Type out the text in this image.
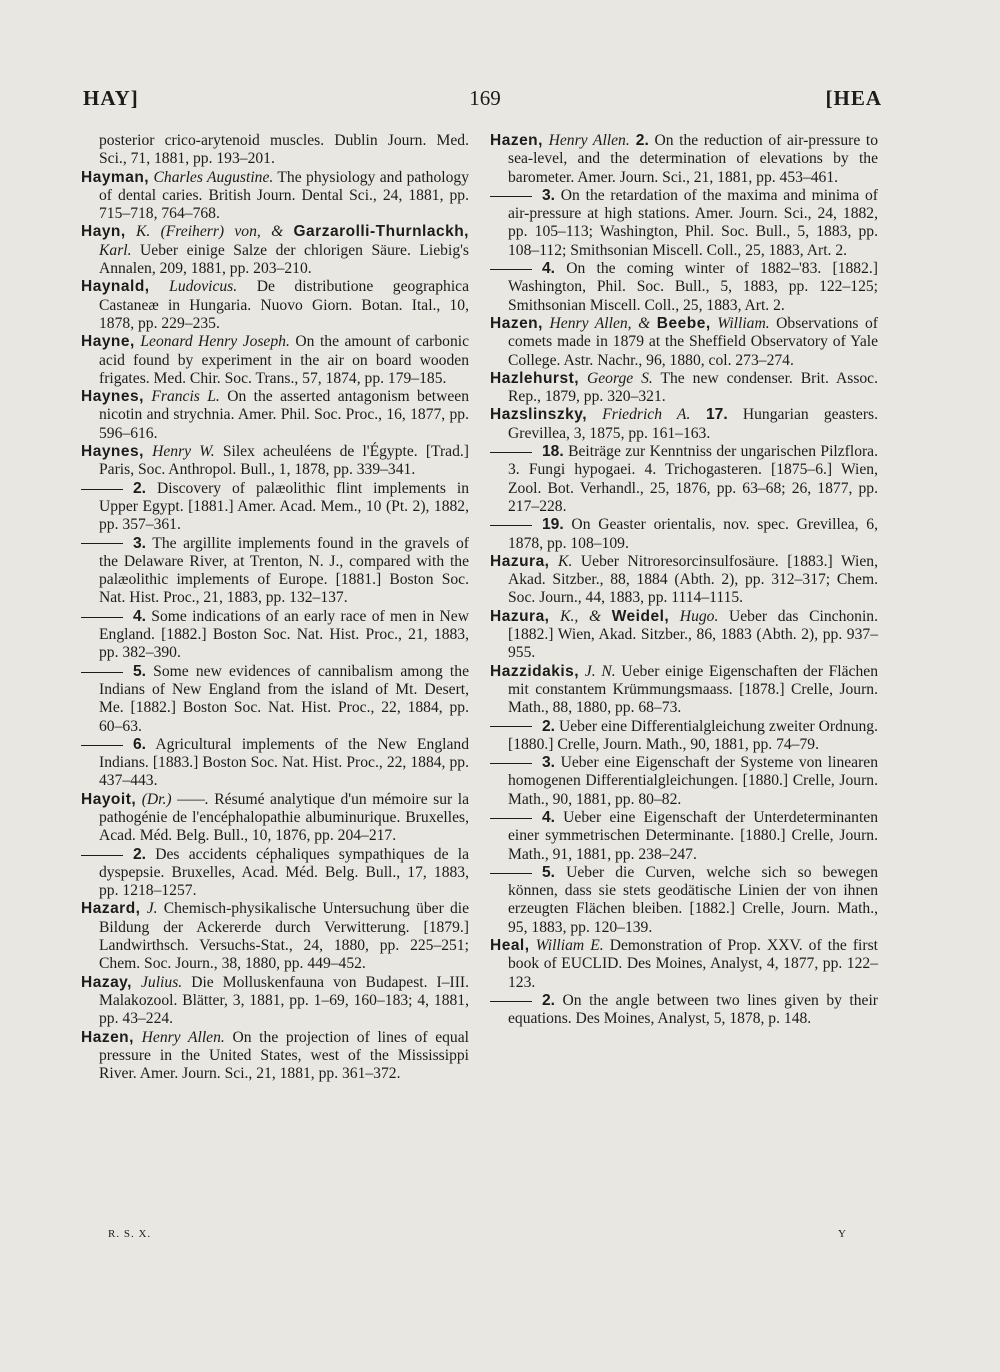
HAY]	169	[HEA
posterior crico-arytenoid muscles. Dublin Journ. Med. Sci., 71, 1881, pp. 193–201.
Hayman, Charles Augustine. The physiology and pathology of dental caries. British Journ. Dental Sci., 24, 1881, pp. 715–718, 764–768.
Hayn, K. (Freiherr) von, & Garzarolli-Thurnlackh, Karl. Ueber einige Salze der chlorigen Säure. Liebig's Annalen, 209, 1881, pp. 203–210.
Haynald, Ludovicus. De distributione geographica Castaneæ in Hungaria. Nuovo Giorn. Botan. Ital., 10, 1878, pp. 229–235.
Hayne, Leonard Henry Joseph. On the amount of carbonic acid found by experiment in the air on board wooden frigates. Med. Chir. Soc. Trans., 57, 1874, pp. 179–185.
Haynes, Francis L. On the asserted antagonism between nicotin and strychnia. Amer. Phil. Soc. Proc., 16, 1877, pp. 596–616.
Haynes, Henry W. Silex acheuléens de l'Égypte. [Trad.] Paris, Soc. Anthropol. Bull., 1, 1878, pp. 339–341.
2. Discovery of palæolithic flint implements in Upper Egypt. [1881.] Amer. Acad. Mem., 10 (Pt. 2), 1882, pp. 357–361.
3. The argillite implements found in the gravels of the Delaware River, at Trenton, N. J., compared with the palæolithic implements of Europe. [1881.] Boston Soc. Nat. Hist. Proc., 21, 1883, pp. 132–137.
4. Some indications of an early race of men in New England. [1882.] Boston Soc. Nat. Hist. Proc., 21, 1883, pp. 382–390.
5. Some new evidences of cannibalism among the Indians of New England from the island of Mt. Desert, Me. [1882.] Boston Soc. Nat. Hist. Proc., 22, 1884, pp. 60–63.
6. Agricultural implements of the New England Indians. [1883.] Boston Soc. Nat. Hist. Proc., 22, 1884, pp. 437–443.
Hayoit, (Dr.) ——. Résumé analytique d'un mémoire sur la pathogénie de l'encéphalopathie albuminurique. Bruxelles, Acad. Méd. Belg. Bull., 10, 1876, pp. 204–217.
2. Des accidents céphaliques sympathiques de la dyspepsie. Bruxelles, Acad. Méd. Belg. Bull., 17, 1883, pp. 1218–1257.
Hazard, J. Chemisch-physikalische Untersuchung über die Bildung der Ackererde durch Verwitterung. [1879.] Landwirthsch. Versuchs-Stat., 24, 1880, pp. 225–251; Chem. Soc. Journ., 38, 1880, pp. 449–452.
Hazay, Julius. Die Molluskenfauna von Budapest. I–III. Malakozool. Blätter, 3, 1881, pp. 1–69, 160–183; 4, 1881, pp. 43–224.
Hazen, Henry Allen. On the projection of lines of equal pressure in the United States, west of the Mississippi River. Amer. Journ. Sci., 21, 1881, pp. 361–372.
Hazen, Henry Allen. 2. On the reduction of air-pressure to sea-level, and the determination of elevations by the barometer. Amer. Journ. Sci., 21, 1881, pp. 453–461.
3. On the retardation of the maxima and minima of air-pressure at high stations. Amer. Journ. Sci., 24, 1882, pp. 105–113; Washington, Phil. Soc. Bull., 5, 1883, pp. 108–112; Smithsonian Miscell. Coll., 25, 1883, Art. 2.
4. On the coming winter of 1882–'83. [1882.] Washington, Phil. Soc. Bull., 5, 1883, pp. 122–125; Smithsonian Miscell. Coll., 25, 1883, Art. 2.
Hazen, Henry Allen, & Beebe, William. Observations of comets made in 1879 at the Sheffield Observatory of Yale College. Astr. Nachr., 96, 1880, col. 273–274.
Hazlehurst, George S. The new condenser. Brit. Assoc. Rep., 1879, pp. 320–321.
Hazslinszky, Friedrich A. 17. Hungarian geasters. Grevillea, 3, 1875, pp. 161–163.
18. Beiträge zur Kenntniss der ungarischen Pilzflora. 3. Fungi hypogaei. 4. Trichogasteren. [1875–6.] Wien, Zool. Bot. Verhandl., 25, 1876, pp. 63–68; 26, 1877, pp. 217–228.
19. On Geaster orientalis, nov. spec. Grevillea, 6, 1878, pp. 108–109.
Hazura, K. Ueber Nitroresorcinsulfosäure. [1883.] Wien, Akad. Sitzber., 88, 1884 (Abth. 2), pp. 312–317; Chem. Soc. Journ., 44, 1883, pp. 1114–1115.
Hazura, K., & Weidel, Hugo. Ueber das Cinchonin. [1882.] Wien, Akad. Sitzber., 86, 1883 (Abth. 2), pp. 937–955.
Hazzidakis, J. N. Ueber einige Eigenschaften der Flächen mit constantem Krümmungsmaass. [1878.] Crelle, Journ. Math., 88, 1880, pp. 68–73.
2. Ueber eine Differentialgleichung zweiter Ordnung. [1880.] Crelle, Journ. Math., 90, 1881, pp. 74–79.
3. Ueber eine Eigenschaft der Systeme von linearen homogenen Differentialgleichungen. [1880.] Crelle, Journ. Math., 90, 1881, pp. 80–82.
4. Ueber eine Eigenschaft der Unterdeterminanten einer symmetrischen Determinante. [1880.] Crelle, Journ. Math., 91, 1881, pp. 238–247.
5. Ueber die Curven, welche sich so bewegen können, dass sie stets geodätische Linien der von ihnen erzeugten Flächen bleiben. [1882.] Crelle, Journ. Math., 95, 1883, pp. 120–139.
Heal, William E. Demonstration of Prop. XXV. of the first book of EUCLID. Des Moines, Analyst, 4, 1877, pp. 122–123.
2. On the angle between two lines given by their equations. Des Moines, Analyst, 5, 1878, p. 148.
R. S. X.	Y
